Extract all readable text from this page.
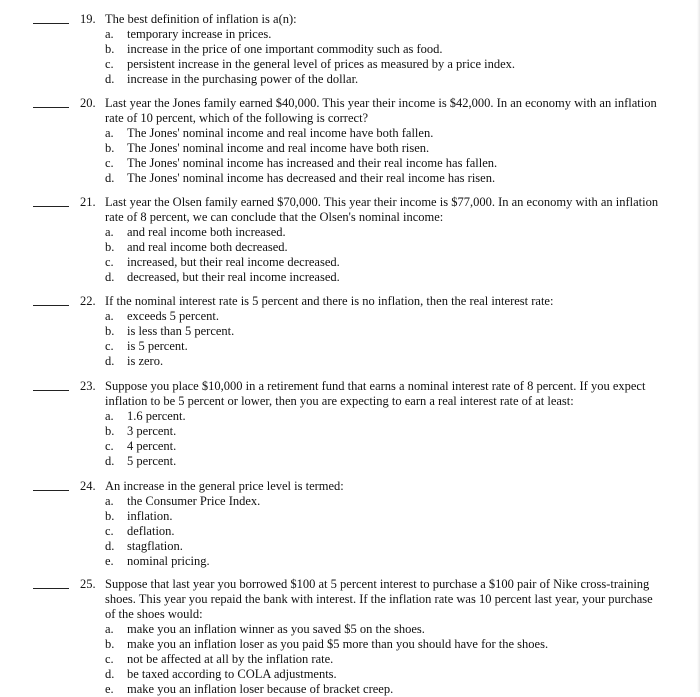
19. The best definition of inflation is a(n):
a. temporary increase in prices.
b. increase in the price of one important commodity such as food.
c. persistent increase in the general level of prices as measured by a price index.
d. increase in the purchasing power of the dollar.
20. Last year the Jones family earned $40,000. This year their income is $42,000. In an economy with an inflation rate of 10 percent, which of the following is correct?
a. The Jones' nominal income and real income have both fallen.
b. The Jones' nominal income and real income have both risen.
c. The Jones' nominal income has increased and their real income has fallen.
d. The Jones' nominal income has decreased and their real income has risen.
21. Last year the Olsen family earned $70,000. This year their income is $77,000. In an economy with an inflation rate of 8 percent, we can conclude that the Olsen's nominal income:
a. and real income both increased.
b. and real income both decreased.
c. increased, but their real income decreased.
d. decreased, but their real income increased.
22. If the nominal interest rate is 5 percent and there is no inflation, then the real interest rate:
a. exceeds 5 percent.
b. is less than 5 percent.
c. is 5 percent.
d. is zero.
23. Suppose you place $10,000 in a retirement fund that earns a nominal interest rate of 8 percent. If you expect inflation to be 5 percent or lower, then you are expecting to earn a real interest rate of at least:
a. 1.6 percent.
b. 3 percent.
c. 4 percent.
d. 5 percent.
24. An increase in the general price level is termed:
a. the Consumer Price Index.
b. inflation.
c. deflation.
d. stagflation.
e. nominal pricing.
25. Suppose that last year you borrowed $100 at 5 percent interest to purchase a $100 pair of Nike cross-training shoes. This year you repaid the bank with interest. If the inflation rate was 10 percent last year, your purchase of the shoes would:
a. make you an inflation winner as you saved $5 on the shoes.
b. make you an inflation loser as you paid $5 more than you should have for the shoes.
c. not be affected at all by the inflation rate.
d. be taxed according to COLA adjustments.
e. make you an inflation loser because of bracket creep.
